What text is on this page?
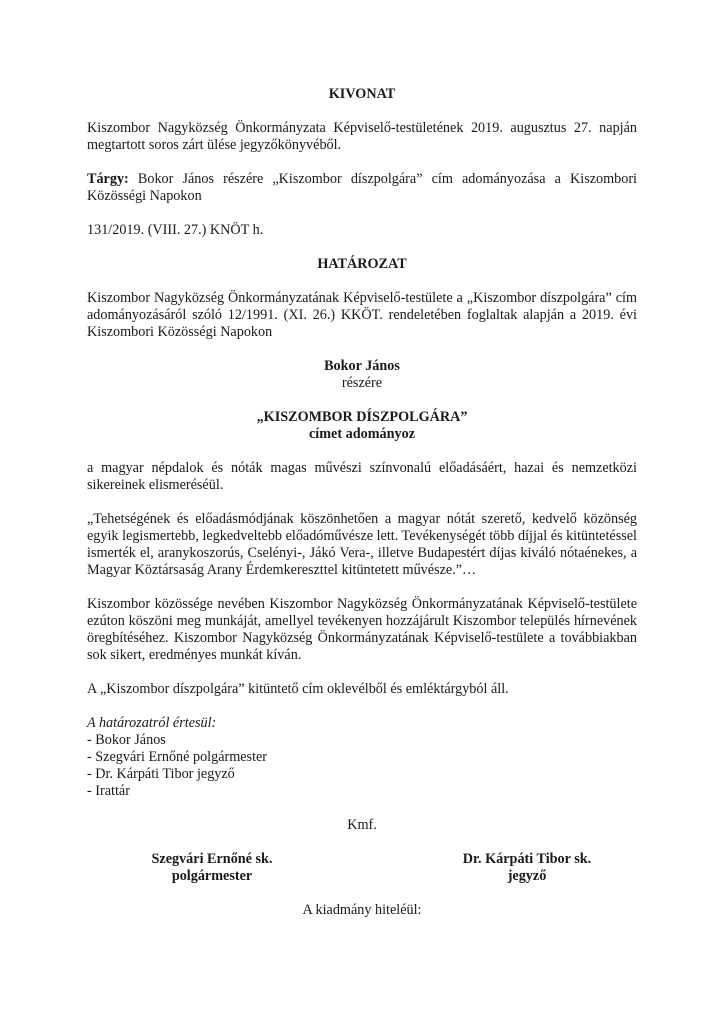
KIVONAT

Kiszombor Nagyközség Önkormányzata Képviselő-testületének 2019. augusztus 27. napján megtartott soros zárt ülése jegyzőkönyvéből.

Tárgy: Bokor János részére „Kiszombor díszpolgára” cím adományozása a Kiszombori Közösségi Napokon

131/2019. (VIII. 27.) KNÖT h.

HATÁROZAT

Kiszombor Nagyközség Önkormányzatának Képviselő-testülete a „Kiszombor díszpolgára” cím adományozásáról szóló 12/1991. (XI. 26.) KKÖT. rendeletében foglaltak alapján a 2019. évi Kiszombori Közösségi Napokon

Bokor János

részére

„KISZOMBOR DÍSZPOLGÁRA”

címet adományoz

a magyar népdalok és nóták magas művészi színvonalú előadásáért, hazai és nemzetközi sikereinek elismeréséül.

„Tehetségének és előadásmódjának köszönhetően a magyar nótát szerető, kedvelő közönség egyik legismertebb, legkedveltebb előadóművésze lett. Tevékenységét több díjjal és kitüntetéssel ismerték el, aranykoszorús, Cselényi-, Jákó Vera-, illetve Budapestért díjas kiváló nótaénekes, a Magyar Köztársaság Arany Érdemkereszttel kitüntetett művésze.”…

Kiszombor közössége nevében Kiszombor Nagyközség Önkormányzatának Képviselő-testülete ezúton köszöni meg munkáját, amellyel tevékenyen hozzájárult Kiszombor település hírnevének öregbítéséhez. Kiszombor Nagyközség Önkormányzatának Képviselő-testülete a továbbiakban sok sikert, eredményes munkát kíván.

A „Kiszombor díszpolgára” kitüntető cím oklevélből és emléktárgyból áll.

A határozatról értesül:

- Bokor János

- Szegvári Ernőné polgármester

- Dr. Kárpáti Tibor jegyző

- Irattár

Kmf.

Szegvári Ernőné sk.

polgármester

Dr. Kárpáti Tibor sk.

jegyző

A kiadmány hiteléül:
